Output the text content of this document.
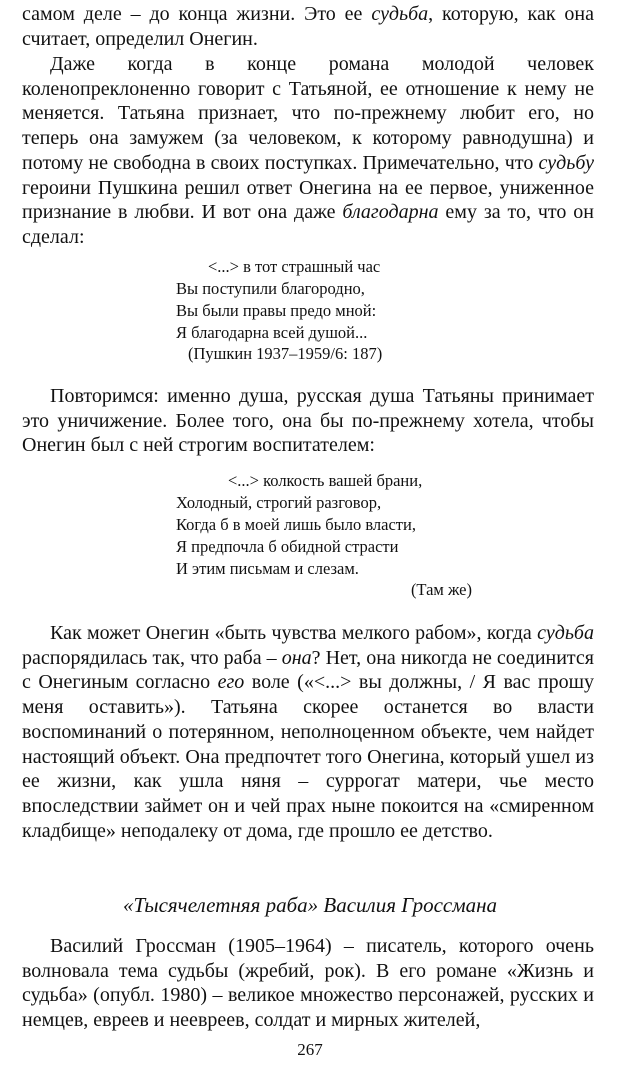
самом деле – до конца жизни. Это ее судьба, которую, как она считает, определил Онегин.

Даже когда в конце романа молодой человек коленопреклоненно говорит с Татьяной, ее отношение к нему не меняется. Татьяна признает, что по-прежнему любит его, но теперь она замужем (за человеком, к которому равнодушна) и потому не свободна в своих поступках. Примечательно, что судьбу героини Пушкина решил ответ Онегина на ее первое, униженное признание в любви. И вот она даже благодарна ему за то, что он сделал:

<...> в тот страшный час
Вы поступили благородно,
Вы были правы предо мной:
Я благодарна всей душой...
(Пушкин 1937–1959/6: 187)

Повторимся: именно душа, русская душа Татьяны принимает это уничижение. Более того, она бы по-прежнему хотела, чтобы Онегин был с ней строгим воспитателем:

<...> колкость вашей брани,
Холодный, строгий разговор,
Когда б в моей лишь было власти,
Я предпочла б обидной страсти
И этим письмам и слезам.
(Там же)

Как может Онегин «быть чувства мелкого рабом», когда судьба распорядилась так, что раба – она? Нет, она никогда не соединится с Онегиным согласно его воле («<...> вы должны, / Я вас прошу меня оставить»). Татьяна скорее останется во власти воспоминаний о потерянном, неполноценном объекте, чем найдет настоящий объект. Она предпочтет того Онегина, который ушел из ее жизни, как ушла няня – суррогат матери, чье место впоследствии займет он и чей прах ныне покоится на «смиренном кладбище» неподалеку от дома, где прошло ее детство.

«Тысячелетняя раба» Василия Гроссмана

Василий Гроссман (1905–1964) – писатель, которого очень волновала тема судьбы (жребий, рок). В его романе «Жизнь и судьба» (опубл. 1980) – великое множество персонажей, русских и немцев, евреев и неевреев, солдат и мирных жителей,

267
